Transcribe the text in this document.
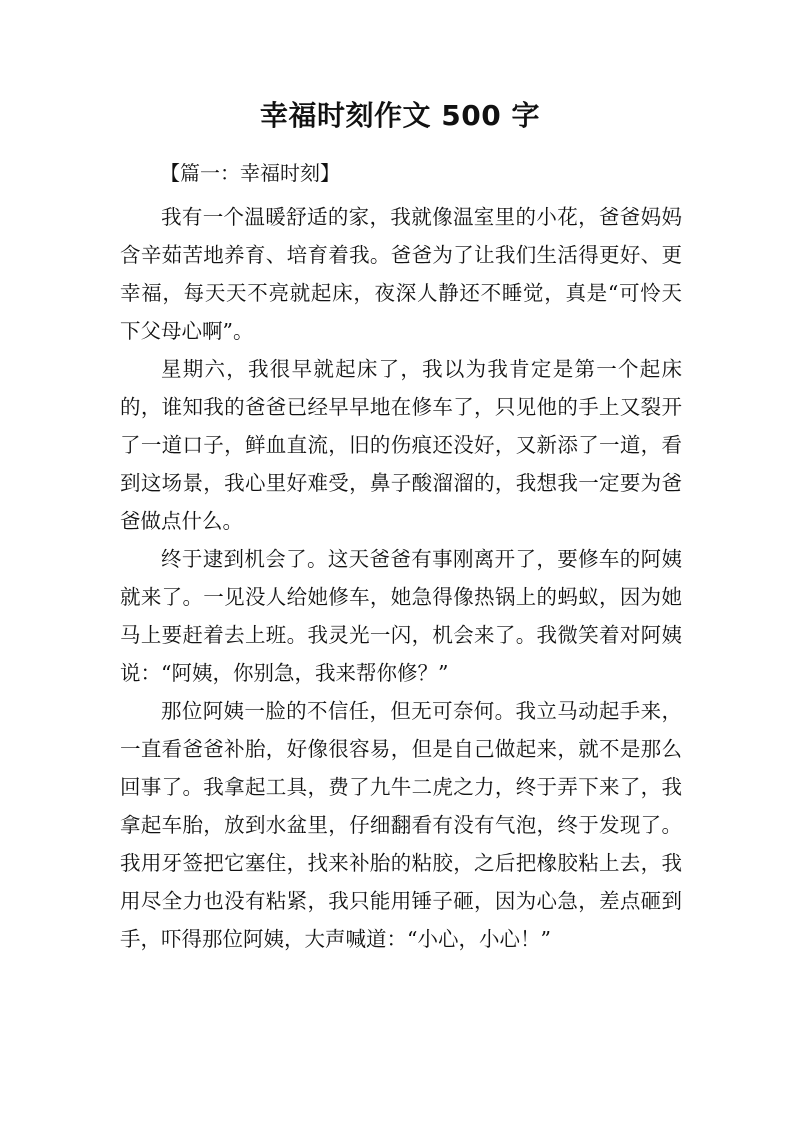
幸福时刻作文 500 字
【篇一：幸福时刻】

我有一个温暖舒适的家，我就像温室里的小花，爸爸妈妈含辛茹苦地养育、培育着我。爸爸为了让我们生活得更好、更幸福，每天天不亮就起床，夜深人静还不睡觉，真是“可怜天下父母心啊”。

星期六，我很早就起床了，我以为我肯定是第一个起床的，谁知我的爸爸已经早早地在修车了，只见他的手上又裂开了一道口子，鲜血直流，旧的伤痕还没好，又新添了一道，看到这场景，我心里好难受，鼻子酸溜溜的，我想我一定要为爸爸做点什么。

终于逮到机会了。这天爸爸有事刚离开了，要修车的阿姨就来了。一见没人给她修车，她急得像热锅上的蚂蚁，因为她马上要赶着去上班。我灵光一闪，机会来了。我微笑着对阿姨说：“阿姨，你别急，我来帮你修？”

那位阿姨一脸的不信任，但无可奈何。我立马动起手来，一直看爸爸补胎，好像很容易，但是自己做起来，就不是那么回事了。我拿起工具，费了九牛二虎之力，终于弄下来了，我拿起车胎，放到水盆里，仔细翻看有没有气泡，终于发现了。我用牙签把它塞住，找来补胎的粘胶，之后把橡胶粘上去，我用尽全力也没有粘紧，我只能用锤子砸，因为心急，差点砸到手，吓得那位阿姨，大声喊道：“小心，小心！”
